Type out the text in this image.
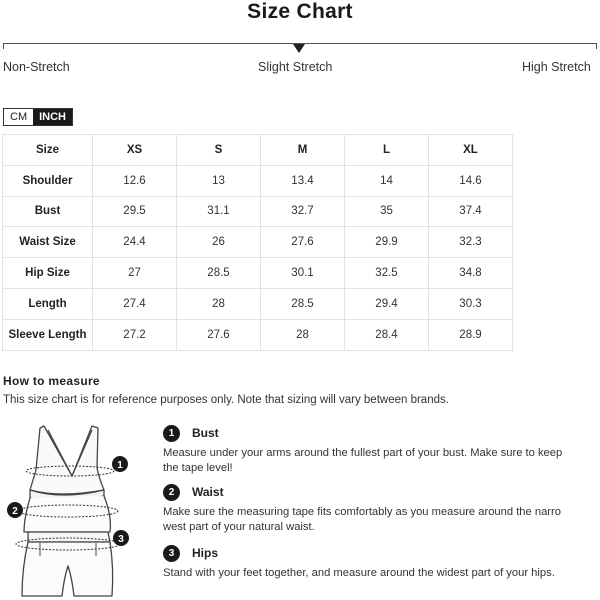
Size Chart
Non-Stretch	Slight Stretch	High Stretch
CM	INCH
Size	XS	S	M	L	XL
Shoulder	12.6	13	13.4	14	14.6
Bust	29.5	31.1	32.7	35	37.4
Waist Size	24.4	26	27.6	29.9	32.3
Hip Size	27	28.5	30.1	32.5	34.8
Length	27.4	28	28.5	29.4	30.3
Sleeve Length	27.2	27.6	28	28.4	28.9
How to measure
This size chart is for reference purposes only. Note that sizing will vary between brands.
1
2
3
1	Bust
Measure under your arms around the fullest part of your bust. Make sure to keep the tape level!
2	Waist
Make sure the measuring tape fits comfortably as you measure around the narrowest part of your natural waist.
3	Hips
Stand with your feet together, and measure around the widest part of your hips.
